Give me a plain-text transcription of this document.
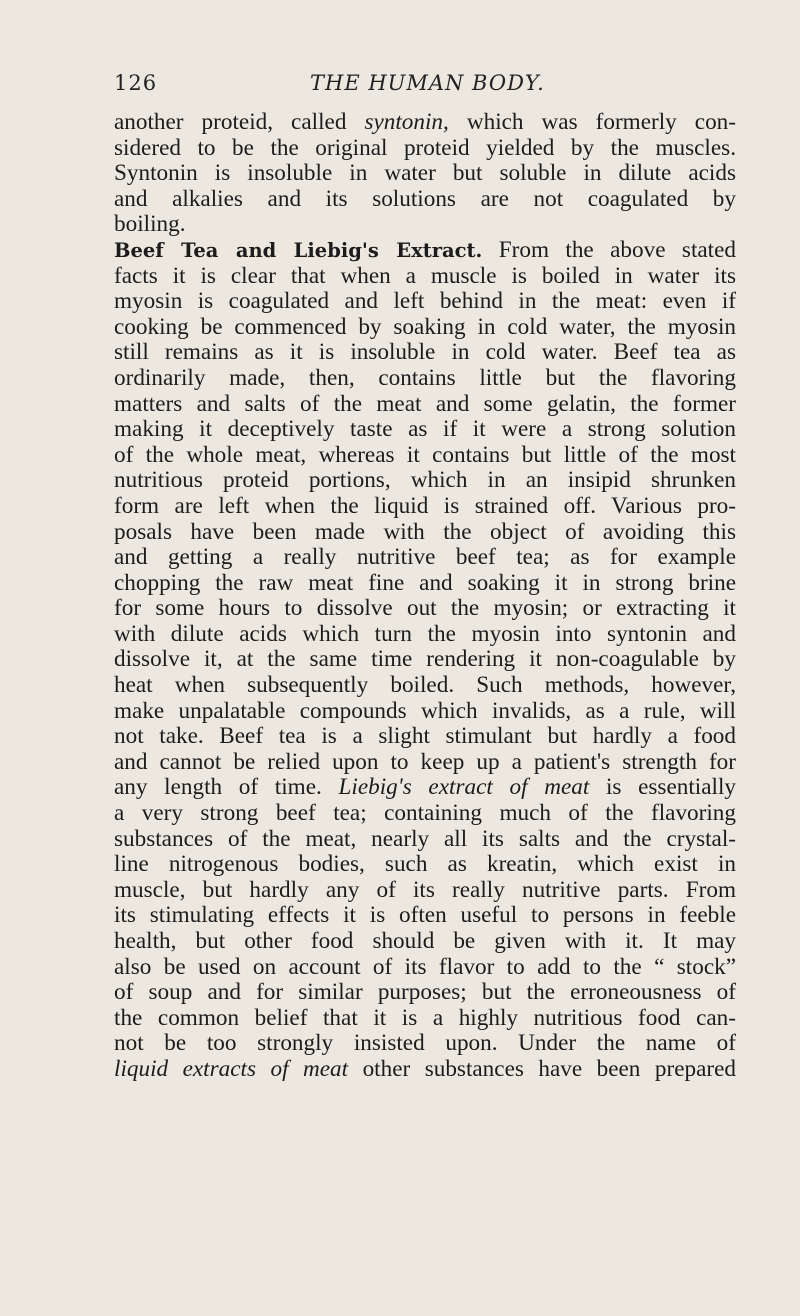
126	THE HUMAN BODY.
another proteid, called syntonin, which was formerly con-
sidered to be the original proteid yielded by the muscles.
Syntonin is insoluble in water but soluble in dilute acids
and alkalies and its solutions are not coagulated by
boiling.
Beef Tea and Liebig's Extract. From the above stated
facts it is clear that when a muscle is boiled in water its
myosin is coagulated and left behind in the meat: even if
cooking be commenced by soaking in cold water, the myosin
still remains as it is insoluble in cold water. Beef tea as
ordinarily made, then, contains little but the flavoring
matters and salts of the meat and some gelatin, the former
making it deceptively taste as if it were a strong solution
of the whole meat, whereas it contains but little of the most
nutritious proteid portions, which in an insipid shrunken
form are left when the liquid is strained off. Various pro-
posals have been made with the object of avoiding this
and getting a really nutritive beef tea; as for example
chopping the raw meat fine and soaking it in strong brine
for some hours to dissolve out the myosin; or extracting it
with dilute acids which turn the myosin into syntonin and
dissolve it, at the same time rendering it non-coagulable by
heat when subsequently boiled. Such methods, however,
make unpalatable compounds which invalids, as a rule, will
not take. Beef tea is a slight stimulant but hardly a food
and cannot be relied upon to keep up a patient's strength for
any length of time. Liebig's extract of meat is essentially
a very strong beef tea; containing much of the flavoring
substances of the meat, nearly all its salts and the crystal-
line nitrogenous bodies, such as kreatin, which exist in
muscle, but hardly any of its really nutritive parts. From
its stimulating effects it is often useful to persons in feeble
health, but other food should be given with it. It may
also be used on account of its flavor to add to the “ stock”
of soup and for similar purposes; but the erroneousness of
the common belief that it is a highly nutritious food can-
not be too strongly insisted upon. Under the name of
liquid extracts of meat other substances have been prepared
